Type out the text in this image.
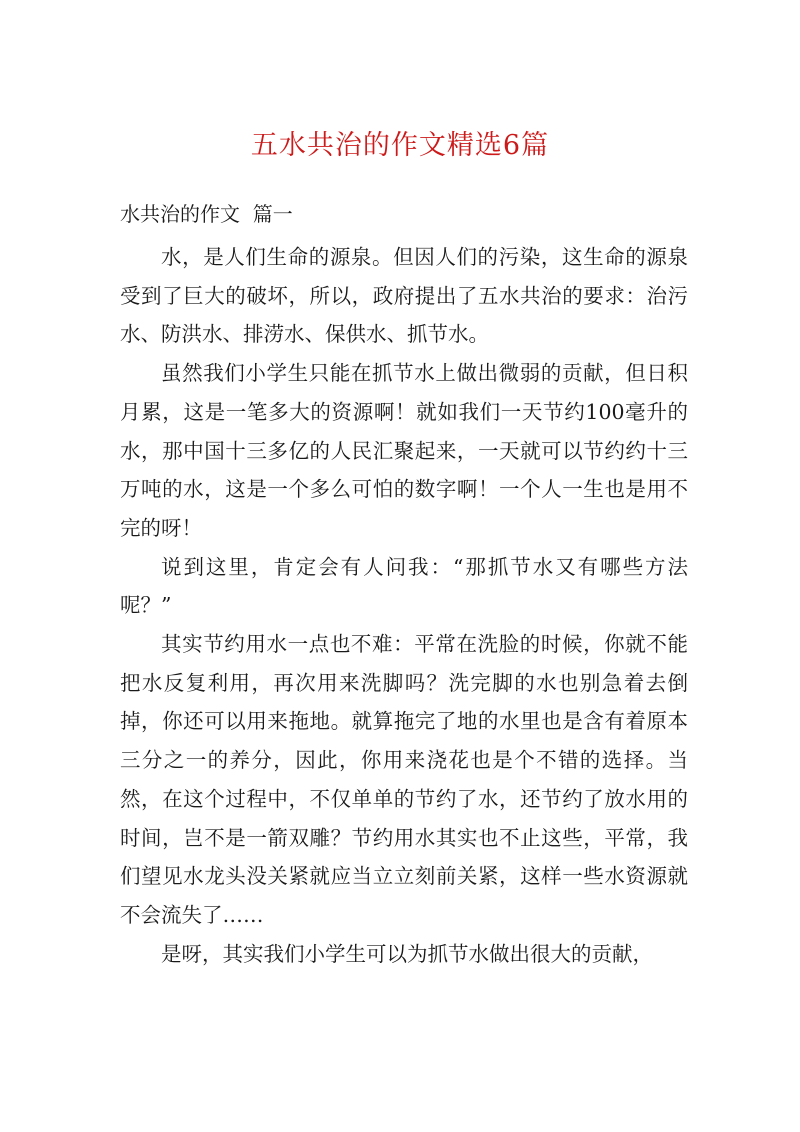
五水共治的作文精选6篇
水共治的作文  篇一

水，是人们生命的源泉。但因人们的污染，这生命的源泉受到了巨大的破坏，所以，政府提出了五水共治的要求：治污水、防洪水、排涝水、保供水、抓节水。

虽然我们小学生只能在抓节水上做出微弱的贡献，但日积月累，这是一笔多大的资源啊！就如我们一天节约100毫升的水，那中国十三多亿的人民汇聚起来，一天就可以节约约十三万吨的水，这是一个多么可怕的数字啊！一个人一生也是用不完的呀！

说到这里，肯定会有人问我：“那抓节水又有哪些方法呢？”

其实节约用水一点也不难：平常在洗脸的时候，你就不能把水反复利用，再次用来洗脚吗？洗完脚的水也别急着去倒掉，你还可以用来拖地。就算拖完了地的水里也是含有着原本三分之一的养分，因此，你用来浇花也是个不错的选择。当然，在这个过程中，不仅单单的节约了水，还节约了放水用的时间，岂不是一箭双雕？节约用水其实也不止这些，平常，我们望见水龙头没关紧就应当立立刻前关紧，这样一些水资源就不会流失了……

是呀，其实我们小学生可以为抓节水做出很大的贡献，
